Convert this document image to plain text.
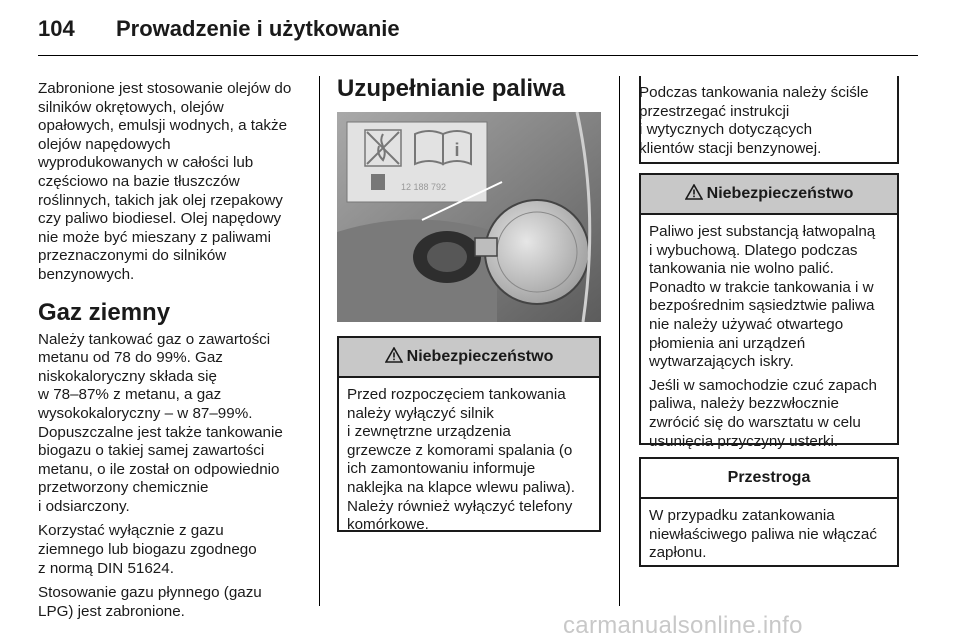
104 Prowadzenie i użytkowanie

Zabronione jest stosowanie olejów do
silników okrętowych, olejów
opałowych, emulsji wodnych, a także
olejów napędowych
wyprodukowanych w całości lub
częściowo na bazie tłuszczów
roślinnych, takich jak olej rzepakowy
czy paliwo biodiesel. Olej napędowy
nie może być mieszany z paliwami
przeznaczonymi do silników
benzynowych.

Gaz ziemny

Należy tankować gaz o zawartości
metanu od 78 do 99%. Gaz
niskokaloryczny składa się
w 78–87% z metanu, a gaz
wysokokaloryczny – w 87–99%.
Dopuszczalne jest także tankowanie
biogazu o takiej samej zawartości
metanu, o ile został on odpowiednio
przetworzony chemicznie
i odsiarczony.

Korzystać wyłącznie z gazu
ziemnego lub biogazu zgodnego
z normą DIN 51624.

Stosowanie gazu płynnego (gazu
LPG) jest zabronione.

Uzupełnianie paliwa
i
12 188 792
Niebezpieczeństwo

Przed rozpoczęciem tankowania
należy wyłączyć silnik
i zewnętrzne urządzenia
grzewcze z komorami spalania (o
ich zamontowaniu informuje
naklejka na klapce wlewu paliwa).
Należy również wyłączyć telefony
komórkowe.

Podczas tankowania należy ściśle
przestrzegać instrukcji
i wytycznych dotyczących
klientów stacji benzynowej.

Niebezpieczeństwo

Paliwo jest substancją łatwopalną
i wybuchową. Dlatego podczas
tankowania nie wolno palić.
Ponadto w trakcie tankowania i w
bezpośrednim sąsiedztwie paliwa
nie należy używać otwartego
płomienia ani urządzeń
wytwarzających iskry.

Jeśli w samochodzie czuć zapach
paliwa, należy bezzwłocznie
zwrócić się do warsztatu w celu
usunięcia przyczyny usterki.

Przestroga

W przypadku zatankowania
niewłaściwego paliwa nie włączać
zapłonu.

carmanualsonline.info
